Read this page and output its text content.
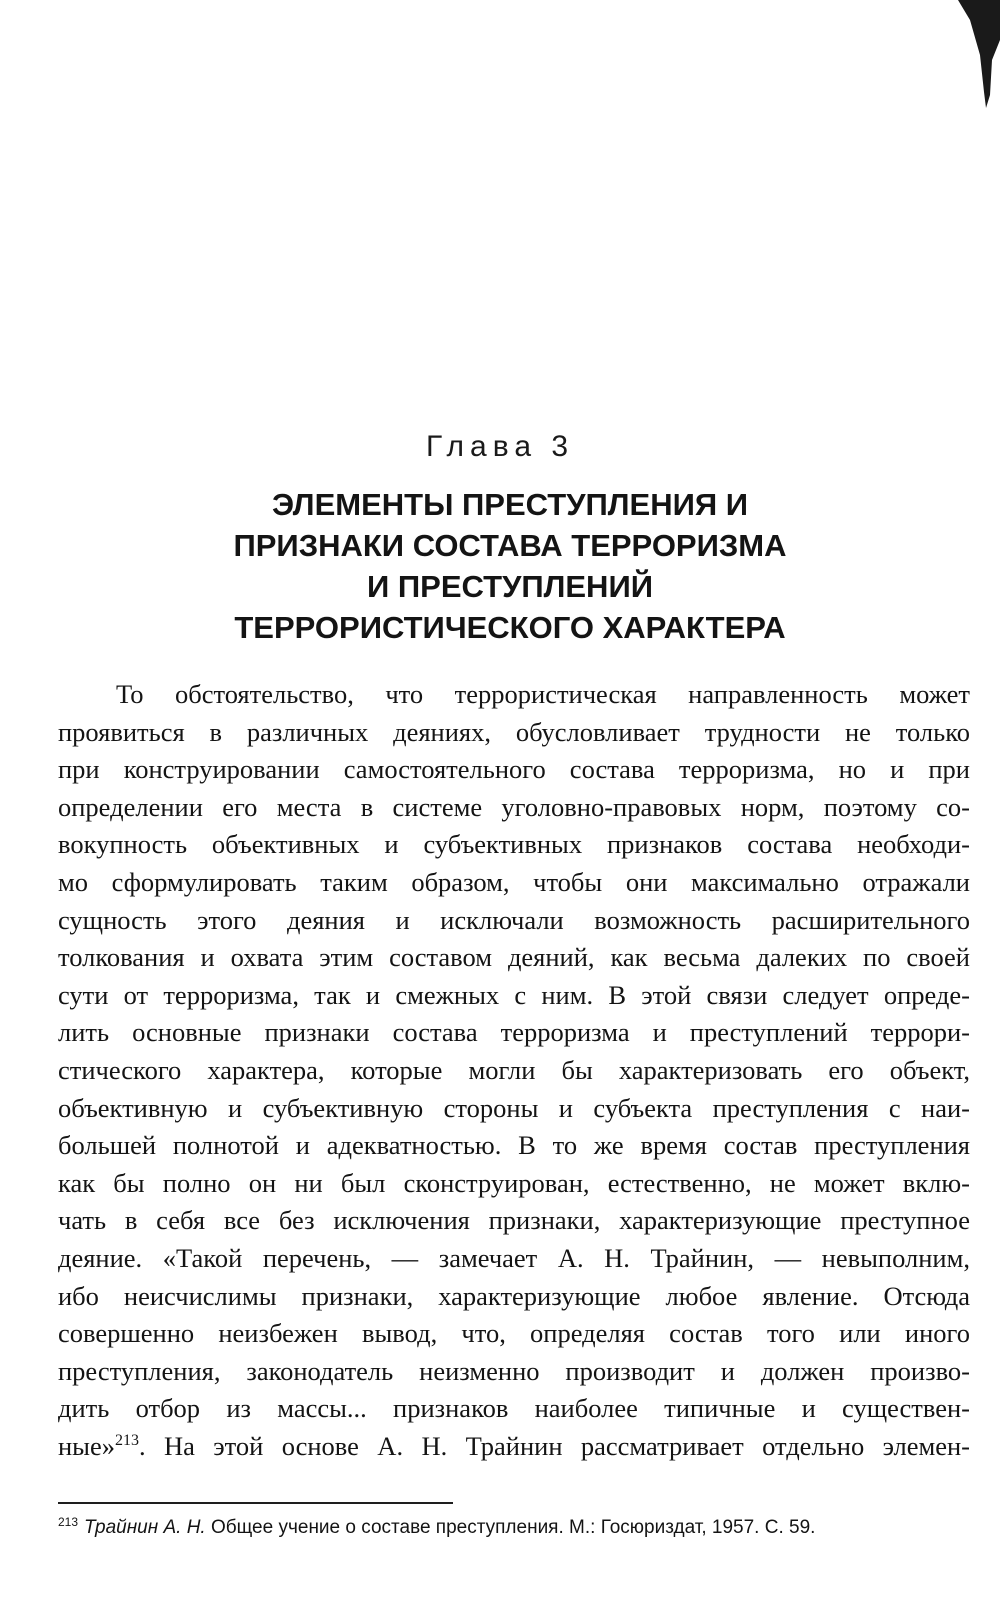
Глава 3
ЭЛЕМЕНТЫ ПРЕСТУПЛЕНИЯ И
ПРИЗНАКИ СОСТАВА ТЕРРОРИЗМА
И ПРЕСТУПЛЕНИЙ
ТЕРРОРИСТИЧЕСКОГО ХАРАКТЕРА
То обстоятельство, что террористическая направленность может
проявиться в различных деяниях, обусловливает трудности не только
при конструировании самостоятельного состава терроризма, но и при
определении его места в системе уголовно-правовых норм, поэтому со-
вокупность объективных и субъективных признаков состава необходи-
мо сформулировать таким образом, чтобы они максимально отражали
сущность этого деяния и исключали возможность расширительного
толкования и охвата этим составом деяний, как весьма далеких по своей
сути от терроризма, так и смежных с ним. В этой связи следует опреде-
лить основные признаки состава терроризма и преступлений террори-
стического характера, которые могли бы характеризовать его объект,
объективную и субъективную стороны и субъекта преступления с наи-
большей полнотой и адекватностью. В то же время состав преступления
как бы полно он ни был сконструирован, естественно, не может вклю-
чать в себя все без исключения признаки, характеризующие преступное
деяние. «Такой перечень, — замечает А. Н. Трайнин, — невыполним,
ибо неисчислимы признаки, характеризующие любое явление. Отсюда
совершенно неизбежен вывод, что, определяя состав того или иного
преступления, законодатель неизменно производит и должен произво-
дить отбор из массы... признаков наиболее типичные и существен-
ные»$^{213}$. На этой основе А. Н. Трайнин рассматривает отдельно элемен-
$^{213}$ Трайнин А. Н. Общее учение о составе преступления. М.: Госюриздат, 1957. С. 59.
